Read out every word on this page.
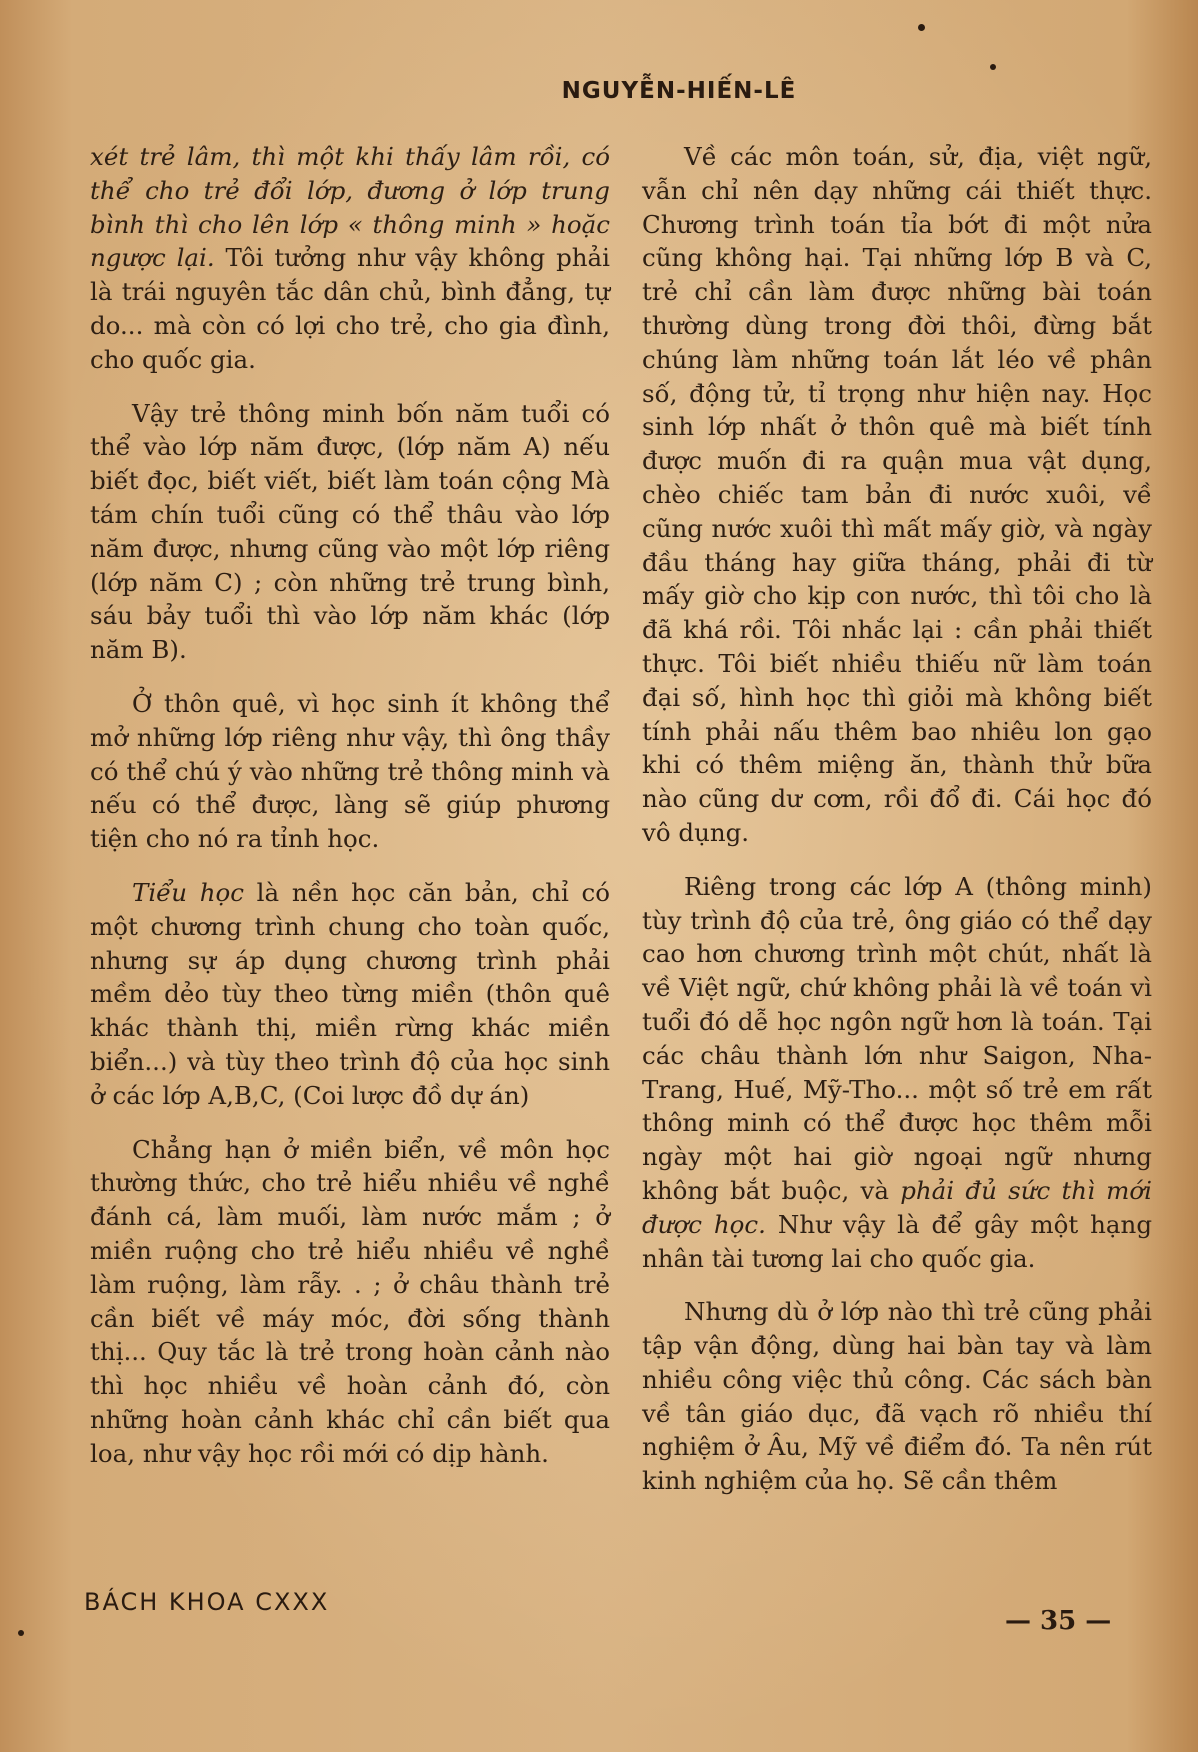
NGUYỄN-HIẾN-LÊ

xét trẻ lâm, thì một khi thấy lâm rồi, có thể cho trẻ đổi lớp, đương ở lớp trung bình thì cho lên lớp « thông minh » hoặc ngược lại. Tôi tưởng như vậy không phải là trái nguyên tắc dân chủ, bình đẳng, tự do... mà còn có lợi cho trẻ, cho gia đình, cho quốc gia.

Vậy trẻ thông minh bốn năm tuổi có thể vào lớp năm được, (lớp năm A) nếu biết đọc, biết viết, biết làm toán cộng Mà tám chín tuổi cũng có thể thâu vào lớp năm được, nhưng cũng vào một lớp riêng (lớp năm C) ; còn những trẻ trung bình, sáu bảy tuổi thì vào lớp năm khác (lớp năm B).

Ở thôn quê, vì học sinh ít không thể mở những lớp riêng như vậy, thì ông thầy có thể chú ý vào những trẻ thông minh và nếu có thể được, làng sẽ giúp phương tiện cho nó ra tỉnh học.

Tiểu học là nền học căn bản, chỉ có một chương trình chung cho toàn quốc, nhưng sự áp dụng chương trình phải mềm dẻo tùy theo từng miền (thôn quê khác thành thị, miền rừng khác miền biển...) và tùy theo trình độ của học sinh ở các lớp A,B,C, (Coi lược đồ dự án)

Chẳng hạn ở miền biển, về môn học thường thức, cho trẻ hiểu nhiều về nghề đánh cá, làm muối, làm nước mắm ; ở miền ruộng cho trẻ hiểu nhiều về nghề làm ruộng, làm rẫy. . ; ở châu thành trẻ cần biết về máy móc, đời sống thành thị... Quy tắc là trẻ trong hoàn cảnh nào thì học nhiều về hoàn cảnh đó, còn những hoàn cảnh khác chỉ cần biết qua loa, như vậy học rồi mới có dịp hành.

Về các môn toán, sử, địa, việt ngữ, vẫn chỉ nên dạy những cái thiết thực. Chương trình toán tỉa bớt đi một nửa cũng không hại. Tại những lớp B và C, trẻ chỉ cần làm được những bài toán thường dùng trong đời thôi, đừng bắt chúng làm những toán lắt léo về phân số, động tử, tỉ trọng như hiện nay. Học sinh lớp nhất ở thôn quê mà biết tính được muốn đi ra quận mua vật dụng, chèo chiếc tam bản đi nước xuôi, về cũng nước xuôi thì mất mấy giờ, và ngày đầu tháng hay giữa tháng, phải đi từ mấy giờ cho kịp con nước, thì tôi cho là đã khá rồi. Tôi nhắc lại : cần phải thiết thực. Tôi biết nhiều thiếu nữ làm toán đại số, hình học thì giỏi mà không biết tính phải nấu thêm bao nhiêu lon gạo khi có thêm miệng ăn, thành thử bữa nào cũng dư cơm, rồi đổ đi. Cái học đó vô dụng.

Riêng trong các lớp A (thông minh) tùy trình độ của trẻ, ông giáo có thể dạy cao hơn chương trình một chút, nhất là về Việt ngữ, chứ không phải là về toán vì tuổi đó dễ học ngôn ngữ hơn là toán. Tại các châu thành lớn như Saigon, Nha-Trang, Huế, Mỹ-Tho... một số trẻ em rất thông minh có thể được học thêm mỗi ngày một hai giờ ngoại ngữ nhưng không bắt buộc, và phải đủ sức thì mới được học. Như vậy là để gây một hạng nhân tài tương lai cho quốc gia.

Nhưng dù ở lớp nào thì trẻ cũng phải tập vận động, dùng hai bàn tay và làm nhiều công việc thủ công. Các sách bàn về tân giáo dục, đã vạch rõ nhiều thí nghiệm ở Âu, Mỹ về điểm đó. Ta nên rút kinh nghiệm của họ. Sẽ cần thêm

BÁCH KHOA CXXX
— 35 —
